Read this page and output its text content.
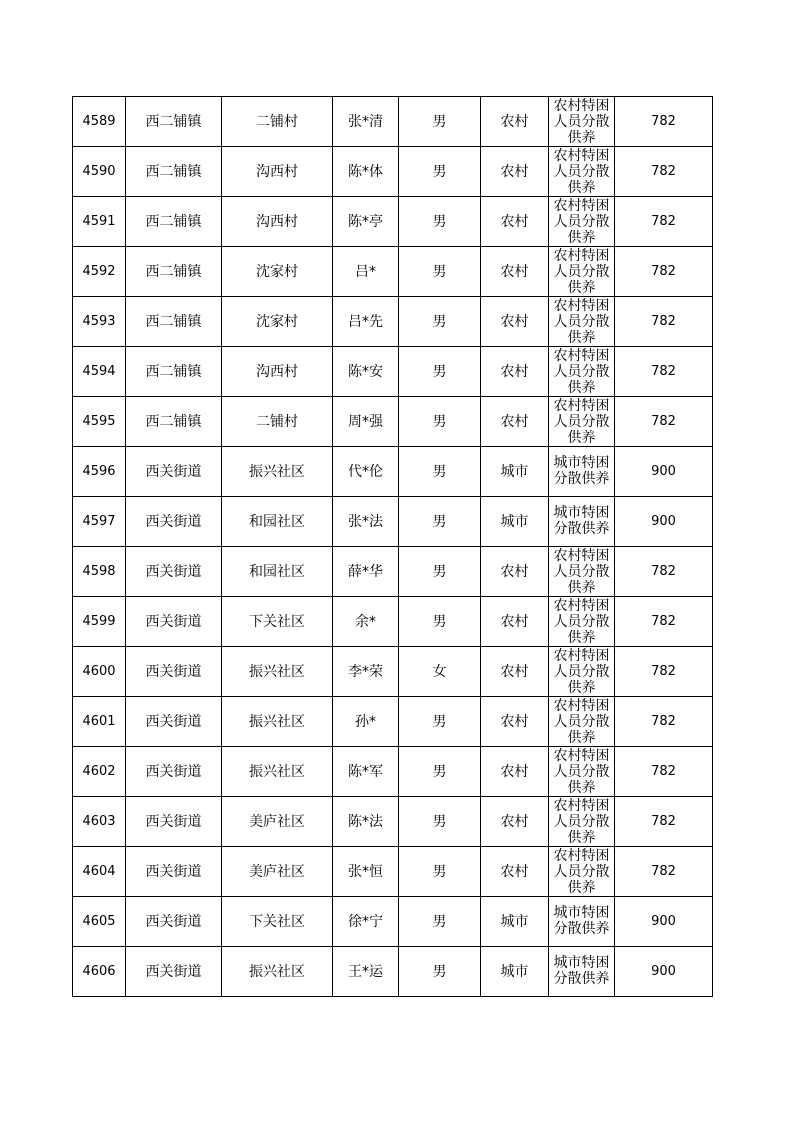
4589	西二铺镇	二铺村	张*清	男	农村	农村特困人员分散供养	782
4590	西二铺镇	沟西村	陈*体	男	农村	农村特困人员分散供养	782
4591	西二铺镇	沟西村	陈*亭	男	农村	农村特困人员分散供养	782
4592	西二铺镇	沈家村	吕*	男	农村	农村特困人员分散供养	782
4593	西二铺镇	沈家村	吕*先	男	农村	农村特困人员分散供养	782
4594	西二铺镇	沟西村	陈*安	男	农村	农村特困人员分散供养	782
4595	西二铺镇	二铺村	周*强	男	农村	农村特困人员分散供养	782
4596	西关街道	振兴社区	代*伦	男	城市	城市特困分散供养	900
4597	西关街道	和园社区	张*法	男	城市	城市特困分散供养	900
4598	西关街道	和园社区	薛*华	男	农村	农村特困人员分散供养	782
4599	西关街道	下关社区	余*	男	农村	农村特困人员分散供养	782
4600	西关街道	振兴社区	李*荣	女	农村	农村特困人员分散供养	782
4601	西关街道	振兴社区	孙*	男	农村	农村特困人员分散供养	782
4602	西关街道	振兴社区	陈*军	男	农村	农村特困人员分散供养	782
4603	西关街道	美庐社区	陈*法	男	农村	农村特困人员分散供养	782
4604	西关街道	美庐社区	张*恒	男	农村	农村特困人员分散供养	782
4605	西关街道	下关社区	徐*宁	男	城市	城市特困分散供养	900
4606	西关街道	振兴社区	王*运	男	城市	城市特困分散供养	900
